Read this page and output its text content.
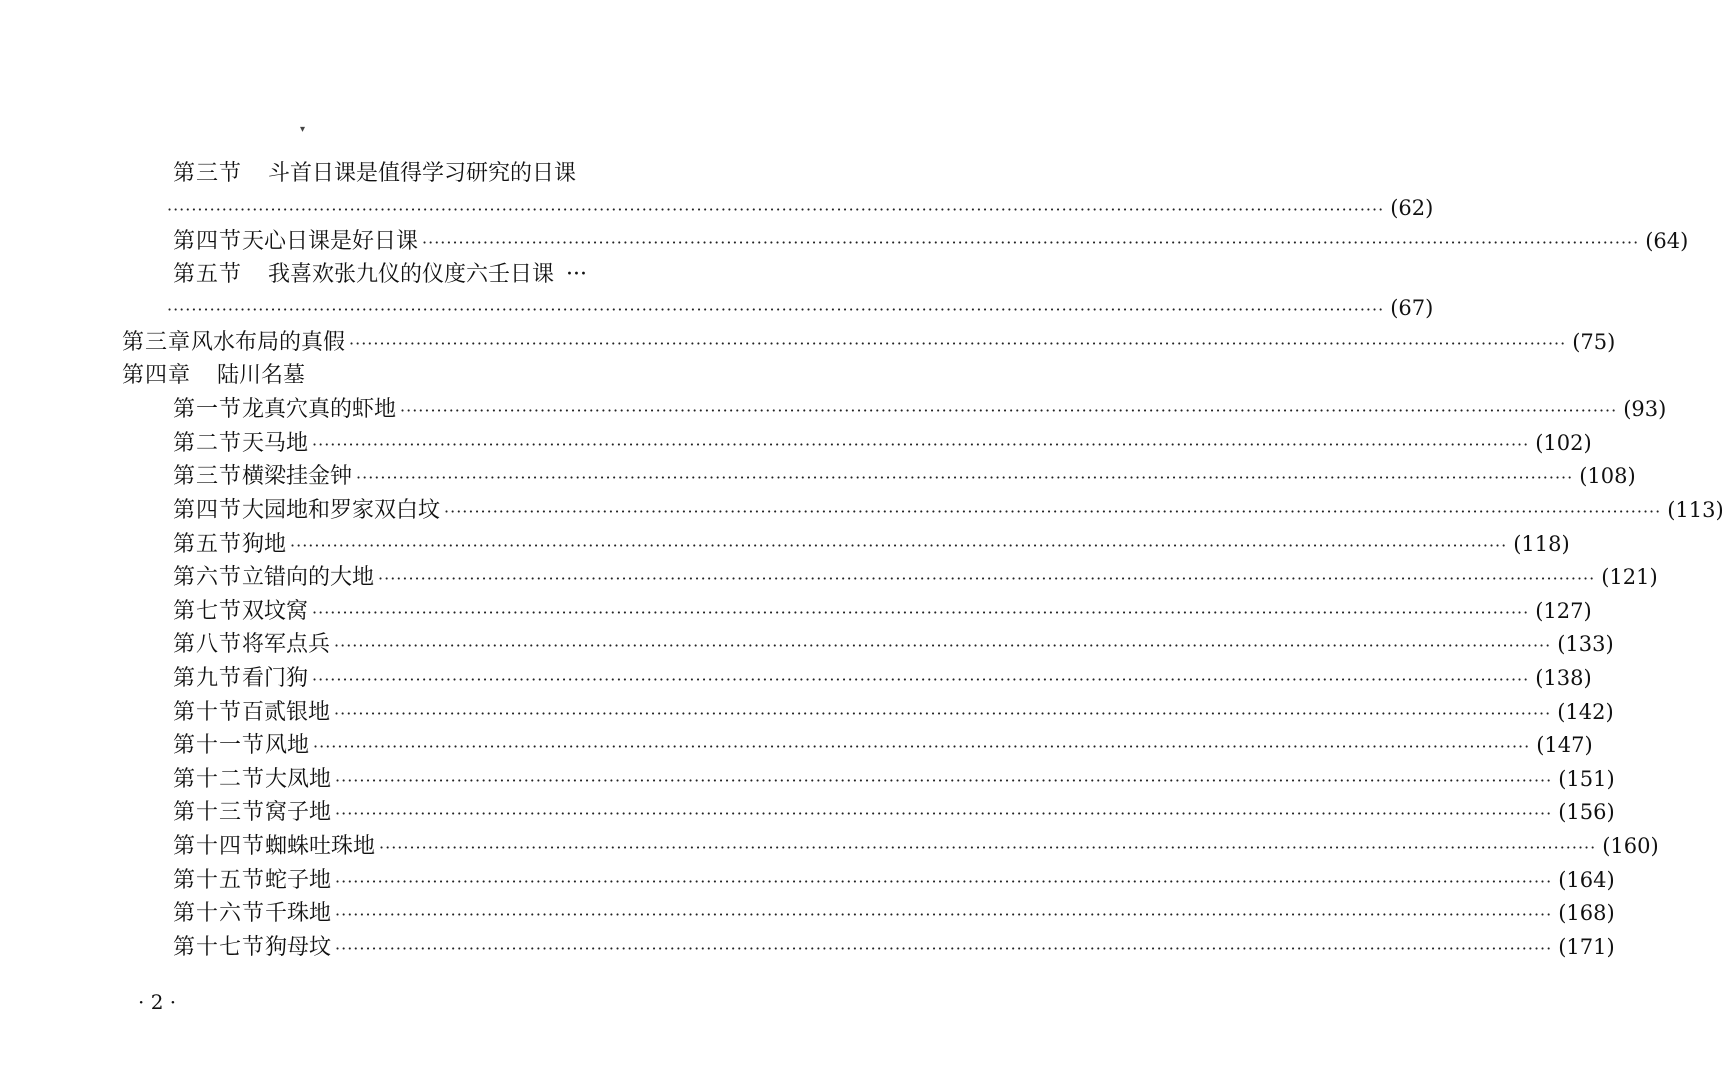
▾
第三节 斗首日课是值得学习研究的日课
········································································································································································································ (62)
第四节 天心日课是好日课 ········································································································································································································ (64)
第五节 我喜欢张九仪的仪度六壬日课 ···
········································································································································································································ (67)
第三章 风水布局的真假 ········································································································································································································ (75)
第四章 陆川名墓
第一节 龙真穴真的虾地 ········································································································································································································ (93)
第二节 天马地 ········································································································································································································ (102)
第三节 横梁挂金钟 ········································································································································································································ (108)
第四节 大园地和罗家双白坟 ········································································································································································································ (113)
第五节 狗地 ········································································································································································································ (118)
第六节 立错向的大地 ········································································································································································································ (121)
第七节 双坟窝 ········································································································································································································ (127)
第八节 将军点兵 ········································································································································································································ (133)
第九节 看门狗 ········································································································································································································ (138)
第十节 百贰银地 ········································································································································································································ (142)
第十一节 风地 ········································································································································································································ (147)
第十二节 大凤地 ········································································································································································································ (151)
第十三节 窝子地 ········································································································································································································ (156)
第十四节 蜘蛛吐珠地 ········································································································································································································ (160)
第十五节 蛇子地 ········································································································································································································ (164)
第十六节 千珠地 ········································································································································································································ (168)
第十七节 狗母坟 ········································································································································································································ (171)
· 2 ·
